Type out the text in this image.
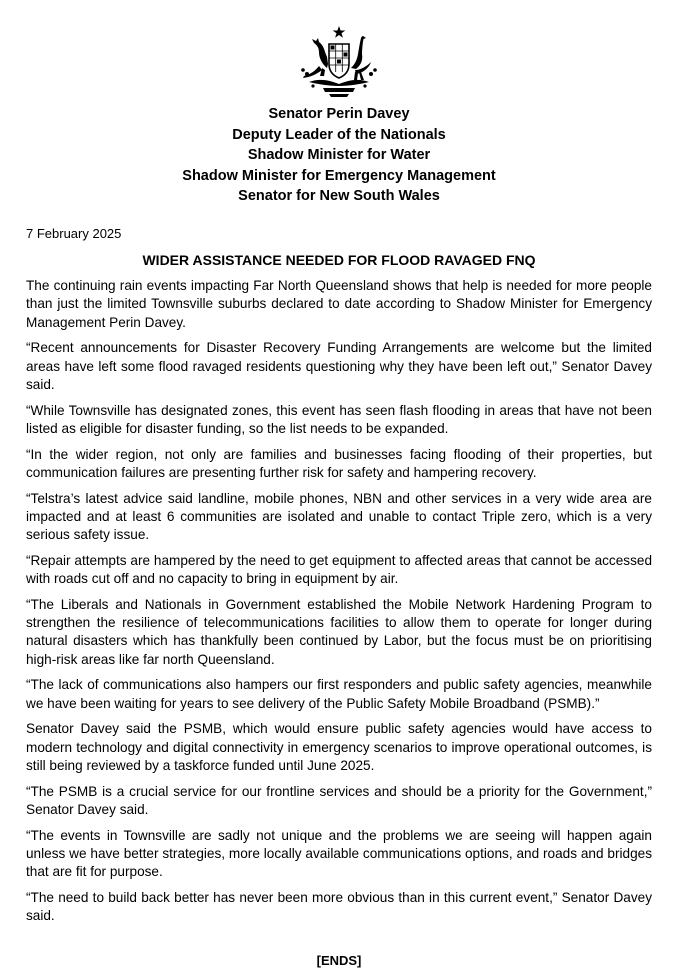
Senator Perin Davey
Deputy Leader of the Nationals
Shadow Minister for Water
Shadow Minister for Emergency Management
Senator for New South Wales
7 February 2025
WIDER ASSISTANCE NEEDED FOR FLOOD RAVAGED FNQ

The continuing rain events impacting Far North Queensland shows that help is needed for more people than just the limited Townsville suburbs declared to date according to Shadow Minister for Emergency Management Perin Davey.

“Recent announcements for Disaster Recovery Funding Arrangements are welcome but the limited areas have left some flood ravaged residents questioning why they have been left out,” Senator Davey said.

“While Townsville has designated zones, this event has seen flash flooding in areas that have not been listed as eligible for disaster funding, so the list needs to be expanded.

“In the wider region, not only are families and businesses facing flooding of their properties, but communication failures are presenting further risk for safety and hampering recovery.

“Telstra’s latest advice said landline, mobile phones, NBN and other services in a very wide area are impacted and at least 6 communities are isolated and unable to contact Triple zero, which is a very serious safety issue.

“Repair attempts are hampered by the need to get equipment to affected areas that cannot be accessed with roads cut off and no capacity to bring in equipment by air.

“The Liberals and Nationals in Government established the Mobile Network Hardening Program to strengthen the resilience of telecommunications facilities to allow them to operate for longer during natural disasters which has thankfully been continued by Labor, but the focus must be on prioritising high-risk areas like far north Queensland.

“The lack of communications also hampers our first responders and public safety agencies, meanwhile we have been waiting for years to see delivery of the Public Safety Mobile Broadband (PSMB).”

Senator Davey said the PSMB, which would ensure public safety agencies would have access to modern technology and digital connectivity in emergency scenarios to improve operational outcomes, is still being reviewed by a taskforce funded until June 2025.

“The PSMB is a crucial service for our frontline services and should be a priority for the Government,” Senator Davey said.

“The events in Townsville are sadly not unique and the problems we are seeing will happen again unless we have better strategies, more locally available communications options, and roads and bridges that are fit for purpose.

“The need to build back better has never been more obvious than in this current event,” Senator Davey said.

[ENDS]
